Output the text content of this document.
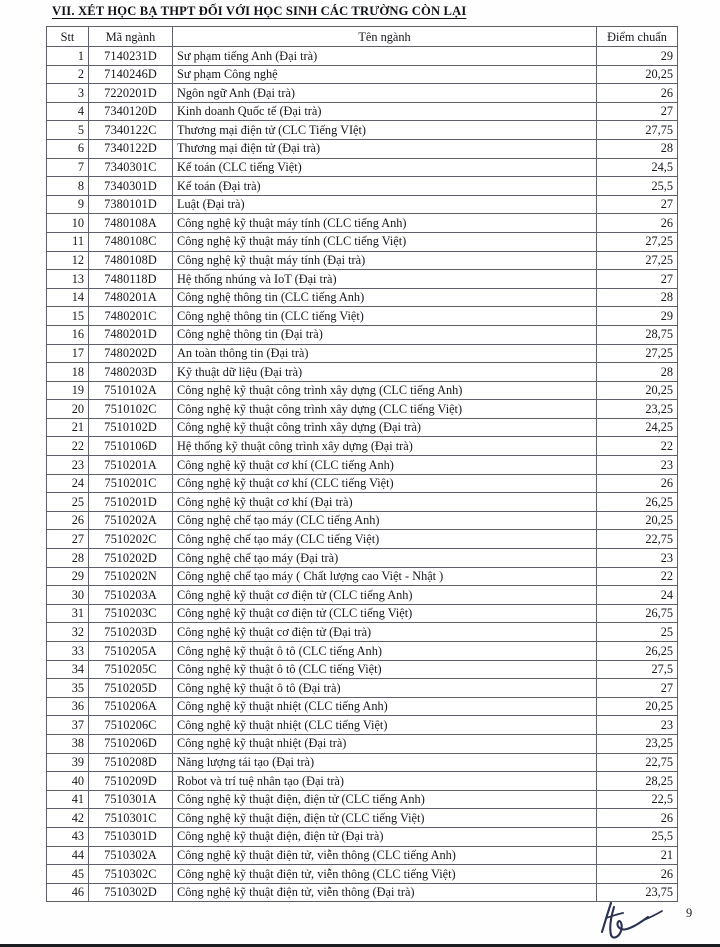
VII. XÉT HỌC BẠ THPT ĐỐI VỚI HỌC SINH CÁC TRƯỜNG CÒN LẠI
Stt	Mã ngành	Tên ngành	Điểm chuẩn
1	7140231D	Sư phạm tiếng Anh (Đại trà)	29
2	7140246D	Sư phạm Công nghệ	20,25
3	7220201D	Ngôn ngữ Anh (Đại trà)	26
4	7340120D	Kinh doanh Quốc tế (Đại trà)	27
5	7340122C	Thương mại điện tử (CLC Tiếng VIệt)	27,75
6	7340122D	Thương mại điện tử (Đại trà)	28
7	7340301C	Kế toán (CLC tiếng Việt)	24,5
8	7340301D	Kế toán (Đại trà)	25,5
9	7380101D	Luật (Đại trà)	27
10	7480108A	Công nghệ kỹ thuật máy tính (CLC tiếng Anh)	26
11	7480108C	Công nghệ kỹ thuật máy tính (CLC tiếng Việt)	27,25
12	7480108D	Công nghệ kỹ thuật máy tính (Đại trà)	27,25
13	7480118D	Hệ thống nhúng và IoT (Đại trà)	27
14	7480201A	Công nghệ thông tin (CLC tiếng Anh)	28
15	7480201C	Công nghệ thông tin (CLC tiếng Việt)	29
16	7480201D	Công nghệ thông tin (Đại trà)	28,75
17	7480202D	An toàn thông tin (Đại trà)	27,25
18	7480203D	Kỹ thuật dữ liệu (Đại trà)	28
19	7510102A	Công nghệ kỹ thuật công trình xây dựng (CLC tiếng Anh)	20,25
20	7510102C	Công nghệ kỹ thuật công trình xây dựng (CLC tiếng Việt)	23,25
21	7510102D	Công nghệ kỹ thuật công trình xây dựng (Đại trà)	24,25
22	7510106D	Hệ thống kỹ thuật công trình xây dựng (Đại trà)	22
23	7510201A	Công nghệ kỹ thuật cơ khí (CLC tiếng Anh)	23
24	7510201C	Công nghệ kỹ thuật cơ khí (CLC tiếng Việt)	26
25	7510201D	Công nghệ kỹ thuật cơ khí (Đại trà)	26,25
26	7510202A	Công nghệ chế tạo máy (CLC tiếng Anh)	20,25
27	7510202C	Công nghệ chế tạo máy (CLC tiếng Việt)	22,75
28	7510202D	Công nghệ chế tạo máy (Đại trà)	23
29	7510202N	Công nghệ chế tạo máy ( Chất lượng cao Việt - Nhật )	22
30	7510203A	Công nghệ kỹ thuật cơ điện tử (CLC tiếng Anh)	24
31	7510203C	Công nghệ kỹ thuật cơ điện tử (CLC tiếng Việt)	26,75
32	7510203D	Công nghệ kỹ thuật cơ điện tử (Đại trà)	25
33	7510205A	Công nghệ kỹ thuật ô tô (CLC tiếng Anh)	26,25
34	7510205C	Công nghệ kỹ thuật ô tô (CLC tiếng Việt)	27,5
35	7510205D	Công nghệ kỹ thuật ô tô (Đại trà)	27
36	7510206A	Công nghệ kỹ thuật nhiệt (CLC tiếng Anh)	20,25
37	7510206C	Công nghệ kỹ thuật nhiệt (CLC tiếng Việt)	23
38	7510206D	Công nghệ kỹ thuật nhiệt (Đại trà)	23,25
39	7510208D	Năng lượng tái tạo (Đại trà)	22,75
40	7510209D	Robot và trí tuệ nhân tạo (Đại trà)	28,25
41	7510301A	Công nghệ kỹ thuật điện, điện tử (CLC tiếng Anh)	22,5
42	7510301C	Công nghệ kỹ thuật điện, điện tử (CLC tiếng Việt)	26
43	7510301D	Công nghệ kỹ thuật điện, điện tử (Đại trà)	25,5
44	7510302A	Công nghệ kỹ thuật điện tử, viễn thông (CLC tiếng Anh)	21
45	7510302C	Công nghệ kỹ thuật điện tử, viễn thông (CLC tiếng Việt)	26
46	7510302D	Công nghệ kỹ thuật điện tử, viễn thông (Đại trà)	23,75
9
